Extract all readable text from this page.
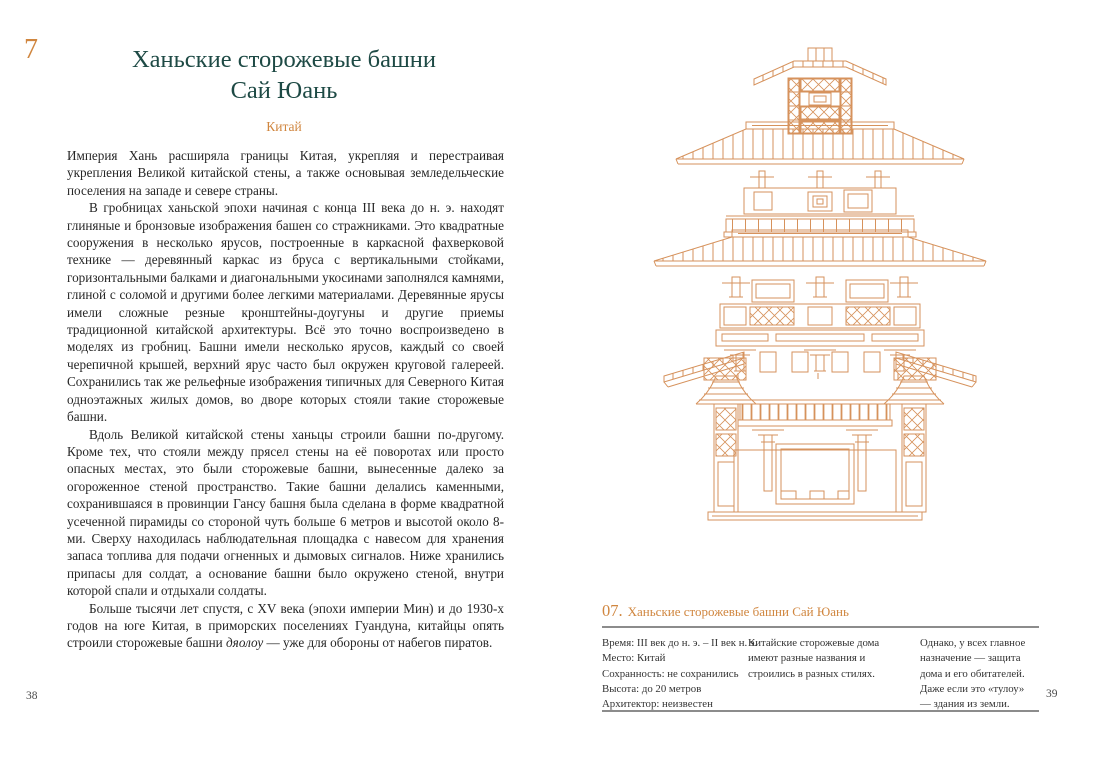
7	Ханьские сторожевые башни
Сай Юань
Китай

Империя Хань расширяла границы Китая, укрепляя и перестраивая укрепления Великой китайской стены, а также основывая земледельческие поселения на западе и севере страны.

В гробницах ханьской эпохи начиная с конца III века до н. э. находят глиняные и бронзовые изображения башен со стражниками. Это квадратные сооружения в несколько ярусов, построенные в каркасной фахверковой технике — деревянный каркас из бруса с вертикальными стойками, горизонтальными балками и диагональными укосинами заполнялся камнями, глиной с соломой и другими более легкими материалами. Деревянные ярусы имели сложные резные кронштейны-доугуны и другие приемы традиционной китайской архитектуры. Всё это точно воспроизведено в моделях из гробниц. Башни имели несколько ярусов, каждый со своей черепичной крышей, верхний ярус часто был окружен круговой галереей. Сохранились так же рельефные изображения типичных для Северного Китая одноэтажных жилых домов, во дворе которых стояли такие сторожевые башни.

Вдоль Великой китайской стены ханьцы строили башни по-другому. Кроме тех, что стояли между прясел стены на её поворотах или просто опасных местах, это были сторожевые башни, вынесенные далеко за огороженное стеной пространство. Такие башни делались каменными, сохранившаяся в провинции Гансу башня была сделана в форме квадратной усеченной пирамиды со стороной чуть больше 6 метров и высотой около 8-ми. Сверху находилась наблюдательная площадка с навесом для хранения запаса топлива для подачи огненных и дымовых сигналов. Ниже хранились припасы для солдат, а основание башни было окружено стеной, внутри которой спали и отдыхали солдаты.

Больше тысячи лет спустя, с XV века (эпохи империи Мин) и до 1930-х годов на юге Китая, в приморских поселениях Гуандуна, китайцы опять строили сторожевые башни дяолоу — уже для обороны от набегов пиратов.

38
07. Ханьские сторожевые башни Сай Юань
Время: III век до н. э. – II век н. э.
Место: Китай
Сохранность: не сохранились
Высота: до 20 метров
Архитектор: неизвестен
Китайские сторожевые дома имеют разные названия и строились в разных стилях.
Однако, у всех главное назначение — защита дома и его обитателей. Даже если это «тулоу» — здания из земли.
39
